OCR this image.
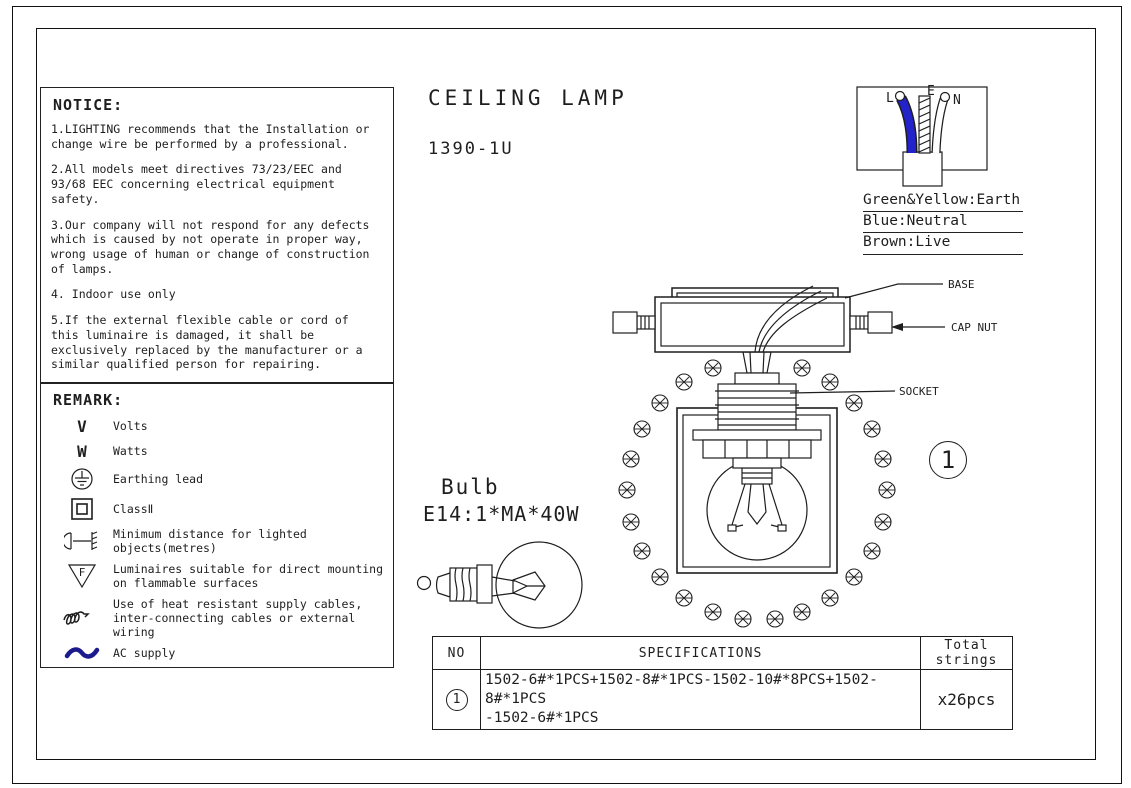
NOTICE:

1.LIGHTING recommends that the Installation or change wire be performed by a professional.

2.All models meet directives 73/23/EEC and 93/68 EEC concerning electrical equipment safety.

3.Our company will not respond for any defects which is caused by not operate in proper way, wrong usage of human or change of construction of lamps.

4. Indoor use only

5.If the external flexible cable or cord of this luminaire is damaged, it shall be exclusively replaced by the manufacturer or a similar qualified person for repairing.

REMARK:
V	Volts
W	Watts
Earthing lead
ClassⅡ
Minimum distance for lighted objects(metres)
F Luminaires suitable for direct mounting on flammable surfaces
Use of heat resistant supply cables, inter-connecting cables or external wiring
AC supply
CEILING LAMP
1390-1U
L	E
N
Green&Yellow:Earth
Blue:Neutral
Brown:Live
BASE
CAP NUT
SOCKET
1
Bulb
E14:1*MA*40W
NO	SPECIFICATIONS	Total strings

1	1502-6#*1PCS+1502-8#*1PCS-1502-10#*8PCS+1502-8#*1PCS
-1502-6#*1PCS	x26pcs
